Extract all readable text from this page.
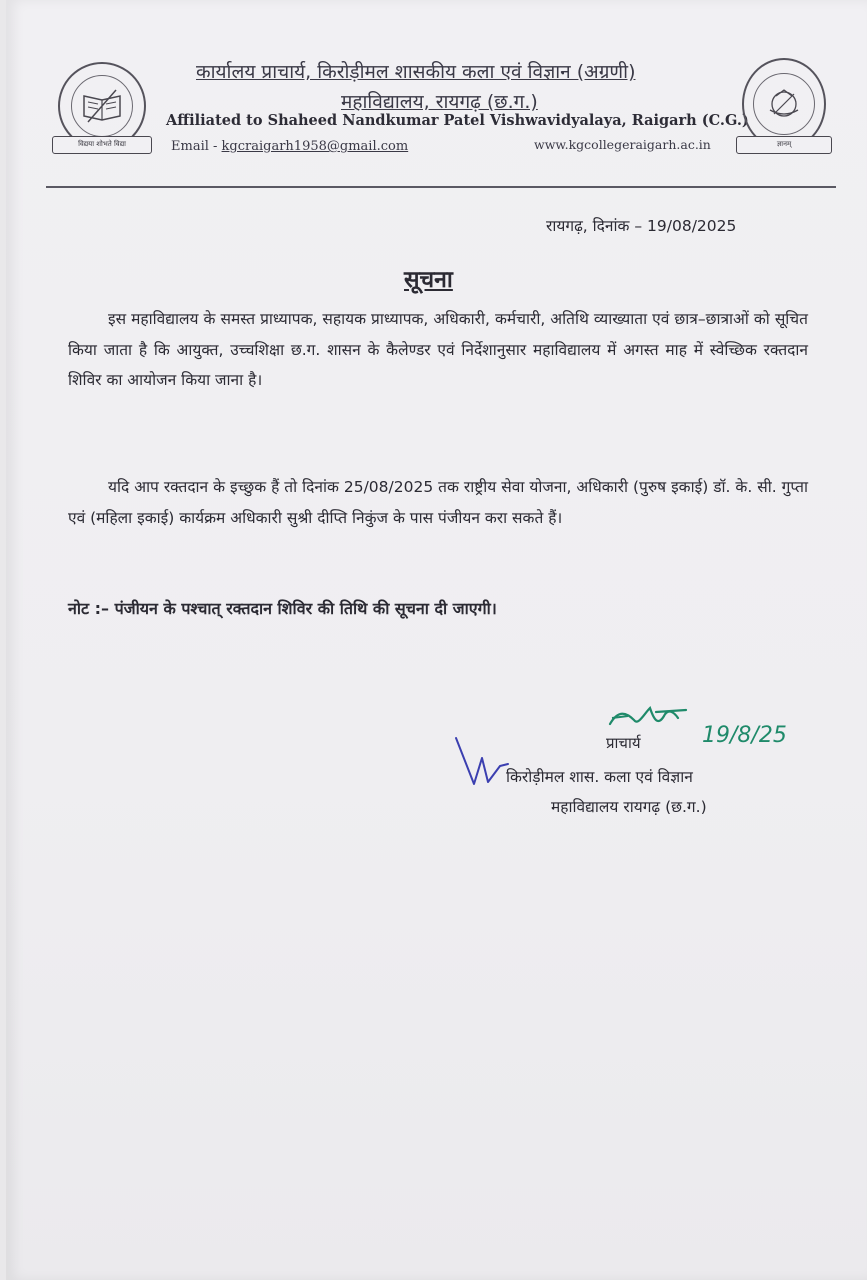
विद्यया शोभते विद्या
कार्यालय प्राचार्य, किरोड़ीमल शासकीय कला एवं विज्ञान (अग्रणी)
महाविद्यालय, रायगढ़ (छ.ग.)
Affiliated to Shaheed Nandkumar Patel Vishwavidyalaya, Raigarh (C.G.)
Email - kgcraigarh1958@gmail.com	www.kgcollegeraigarh.ac.in	ज्ञानम्
रायगढ़, दिनांक – 19/08/2025
सूचना
इस महाविद्यालय के समस्त प्राध्यापक, सहायक प्राध्यापक, अधिकारी, कर्मचारी, अतिथि व्याख्याता एवं छात्र–छात्राओं को सूचित किया जाता है कि आयुक्त, उच्चशिक्षा छ.ग. शासन के कैलेण्डर एवं निर्देशानुसार महाविद्यालय में अगस्त माह में स्वेच्छिक रक्तदान शिविर का आयोजन किया जाना है।
यदि आप रक्तदान के इच्छुक हैं तो दिनांक 25/08/2025 तक राष्ट्रीय सेवा योजना, अधिकारी (पुरुष इकाई) डॉ. के. सी. गुप्ता एवं (महिला इकाई) कार्यक्रम अधिकारी सुश्री दीप्ति निकुंज के पास पंजीयन करा सकते हैं।
नोट :– पंजीयन के पश्चात् रक्तदान शिविर की तिथि की सूचना दी जाएगी।
19/8/25
प्राचार्य
किरोड़ीमल शास. कला एवं विज्ञान
महाविद्यालय रायगढ़ (छ.ग.)
